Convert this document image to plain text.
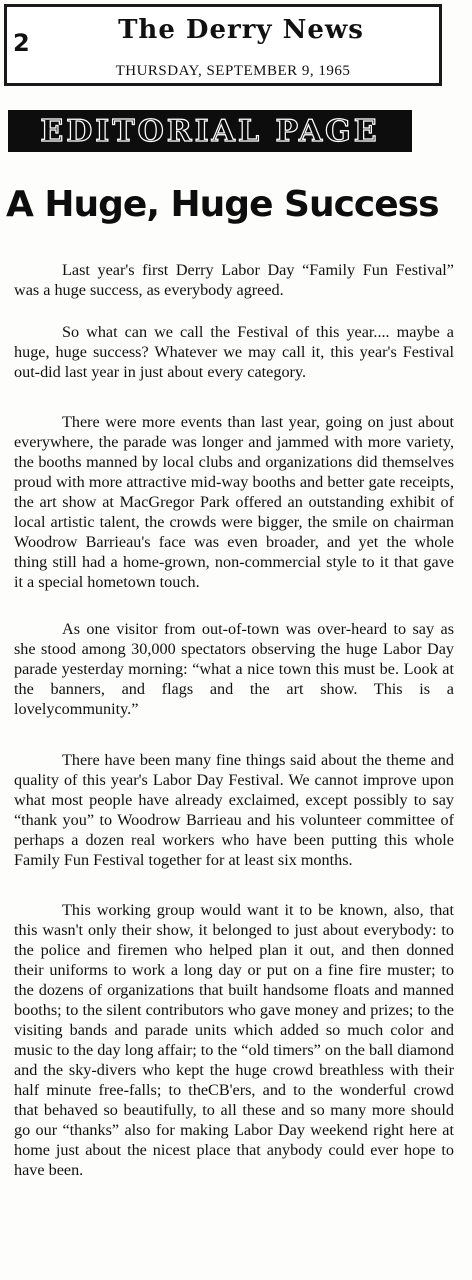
2	The Derry News
THURSDAY, SEPTEMBER 9, 1965
EDITORIAL PAGE
A Huge, Huge Success

Last year's first Derry Labor Day “Family Fun Festival” was a huge success, as everybody agreed.

So what can we call the Festival of this year.... maybe a huge, huge success? Whatever we may call it, this year's Festival out-did last year in just about every category.

There were more events than last year, going on just about everywhere, the parade was longer and jammed with more variety, the booths manned by local clubs and organizations did themselves proud with more attractive mid-way booths and better gate receipts, the art show at MacGregor Park offered an outstanding exhibit of local artistic talent, the crowds were bigger, the smile on chairman Woodrow Barrieau's face was even broader, and yet the whole thing still had a home-grown, non-commercial style to it that gave it a special hometown touch.

As one visitor from out-of-town was over-heard to say as she stood among 30,000 spectators observing the huge Labor Day parade yesterday morning: “what a nice town this must be. Look at the banners, and flags and the art show. This is a lovelycommunity.”

There have been many fine things said about the theme and quality of this year's Labor Day Festival. We cannot improve upon what most people have already exclaimed, except possibly to say “thank you” to Woodrow Barrieau and his volunteer committee of perhaps a dozen real workers who have been putting this whole Family Fun Festival together for at least six months.

This working group would want it to be known, also, that this wasn't only their show, it belonged to just about everybody: to the police and firemen who helped plan it out, and then donned their uniforms to work a long day or put on a fine fire muster; to the dozens of organizations that built handsome floats and manned booths; to the silent contributors who gave money and prizes; to the visiting bands and parade units which added so much color and music to the day long affair; to the “old timers” on the ball diamond and the sky-divers who kept the huge crowd breathless with their half minute free-falls; to theCB'ers, and to the wonderful crowd that behaved so beautifully, to all these and so many more should go our “thanks” also for making Labor Day weekend right here at home just about the nicest place that anybody could ever hope to have been.
